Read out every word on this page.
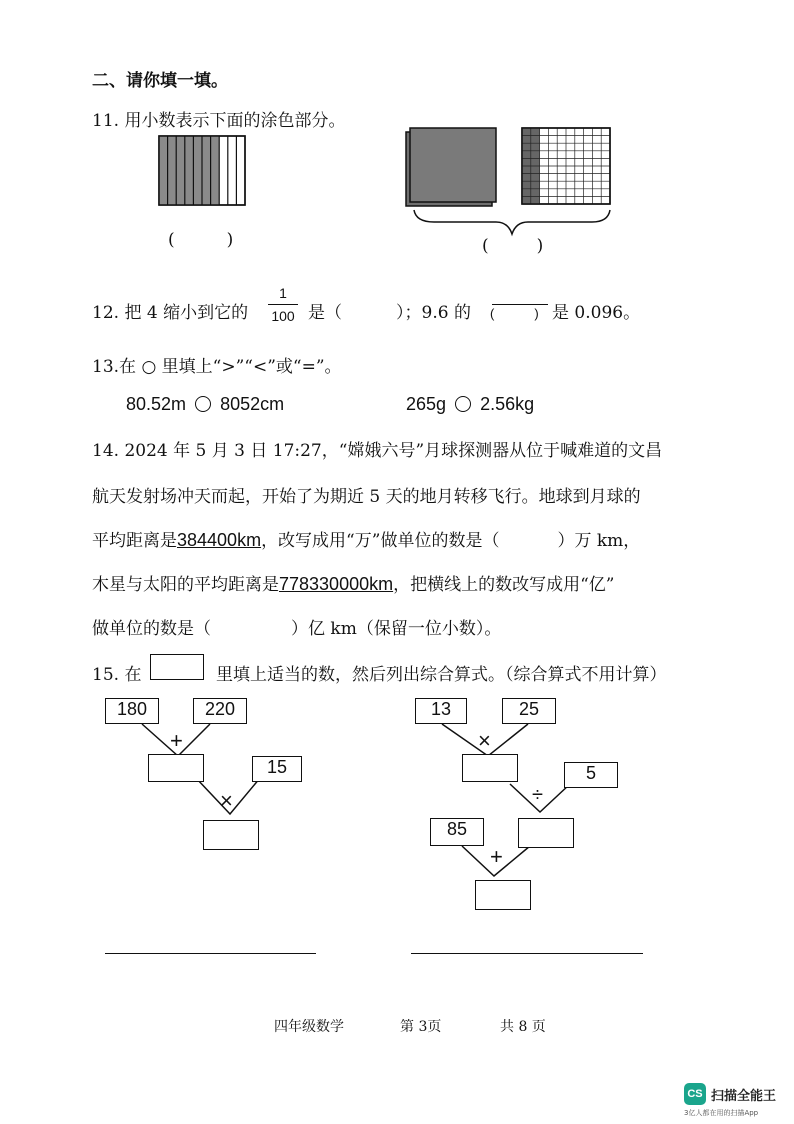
二、请你填一填。
11. 用小数表示下面的涂色部分。
(	)	(	)
12. 把 4 缩小到它的
1
100 是（	）；9.6 的 (	) 是 0.096。
13.在 ○ 里填上“>”“<”或“=”。
80.52m 8052cm	265g 2.56kg
14. 2024 年 5 月 3 日 17:27，“嫦娥六号”月球探测器从位于喊难道的文昌
航天发射场冲天而起，开始了为期近 5 天的地月转移飞行。地球到月球的
平均距离是384400km，改写成用“万”做单位的数是（	）万 km，
木星与太阳的平均距离是778330000km，把横线上的数改写成用“亿”
做单位的数是（	）亿 km（保留一位小数）。
15. 在	里填上适当的数，然后列出综合算式。（综合算式不用计算）
180	220
+
15
×
13	25
×
5
÷
85
+
四年级数学	第 3页	共 8 页
CS 扫描全能王
3亿人都在用的扫描App
